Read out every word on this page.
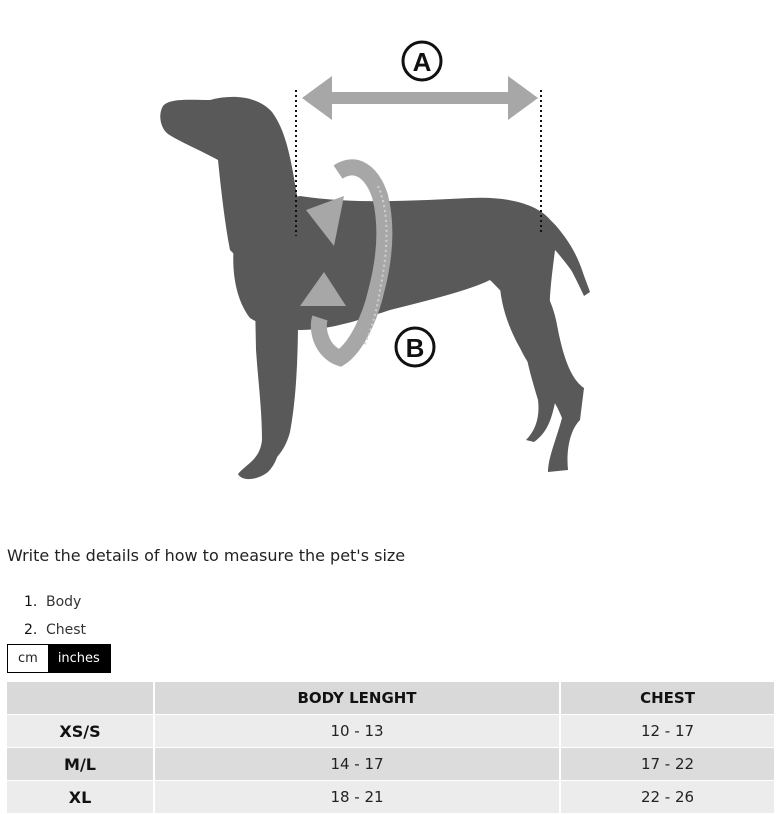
A
B
Write the details of how to measure the pet's size
1. Body
2. Chest
cm	inches
	BODY LENGHT	CHEST
XS/S	10 - 13	12 - 17
M/L	14 - 17	17 - 22
XL	18 - 21	22 - 26
